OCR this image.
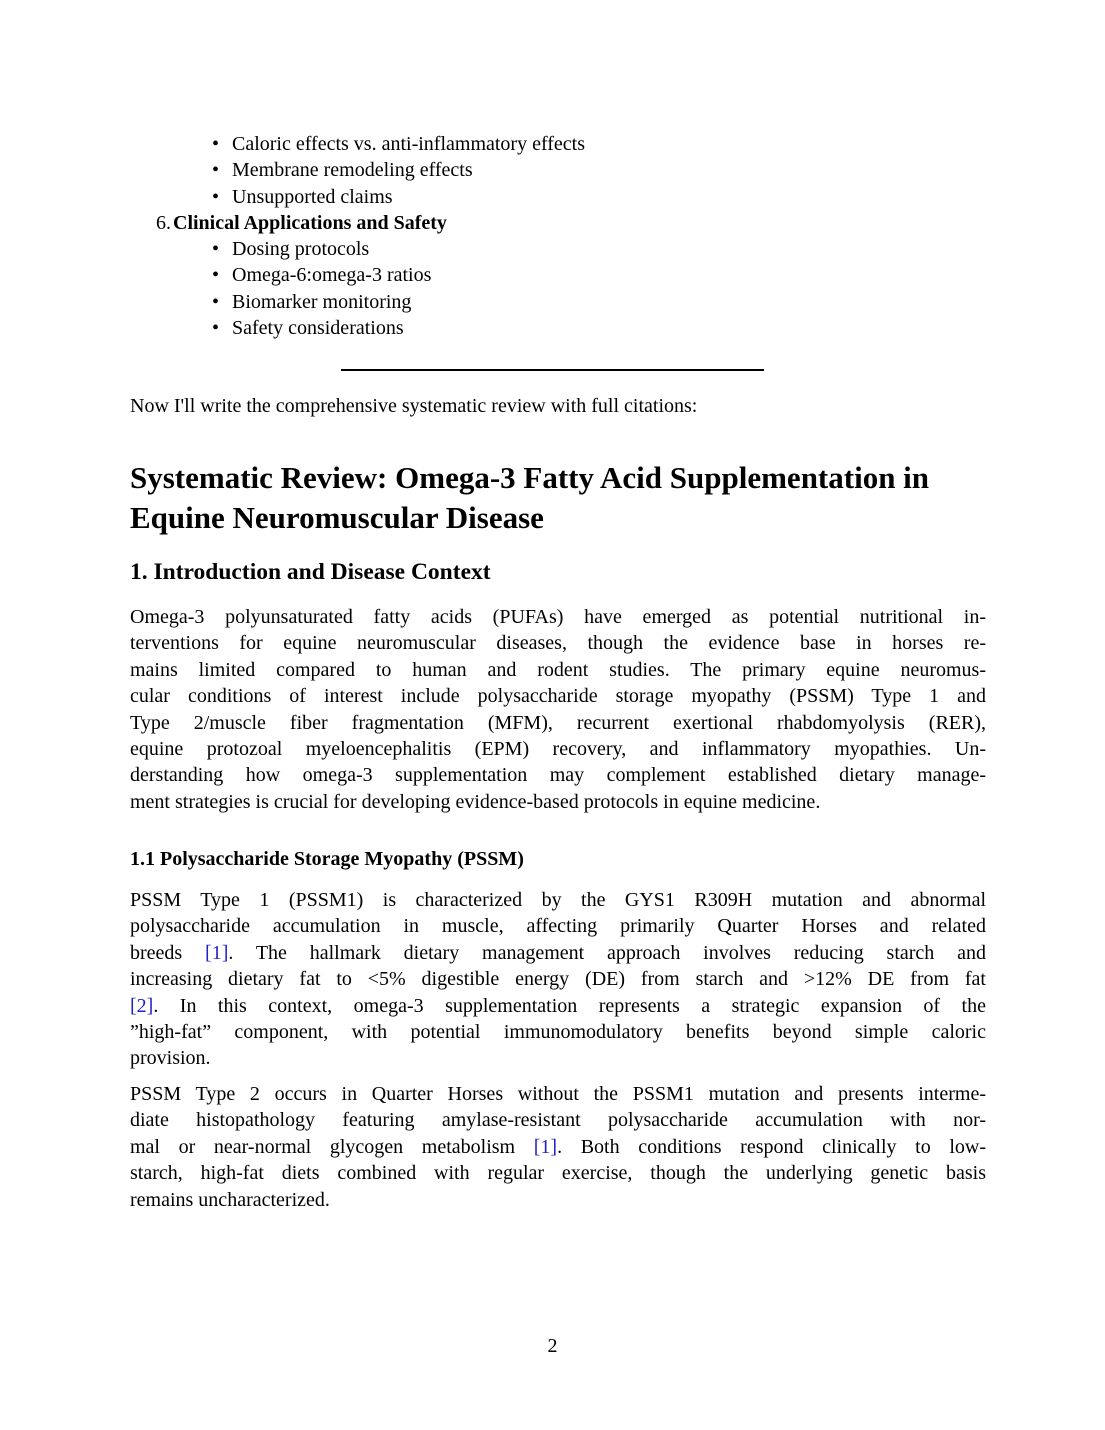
• Caloric effects vs. anti-inflammatory effects
• Membrane remodeling effects
• Unsupported claims
6. Clinical Applications and Safety
• Dosing protocols
• Omega-6:omega-3 ratios
• Biomarker monitoring
• Safety considerations

Now I'll write the comprehensive systematic review with full citations:

Systematic Review: Omega-3 Fatty Acid Supplementation in Equine Neuromuscular Disease
1. Introduction and Disease Context
Omega-3 polyunsaturated fatty acids (PUFAs) have emerged as potential nutritional in-
terventions for equine neuromuscular diseases, though the evidence base in horses re-
mains limited compared to human and rodent studies. The primary equine neuromus-
cular conditions of interest include polysaccharide storage myopathy (PSSM) Type 1 and
Type 2/muscle fiber fragmentation (MFM), recurrent exertional rhabdomyolysis (RER),
equine protozoal myeloencephalitis (EPM) recovery, and inflammatory myopathies. Un-
derstanding how omega-3 supplementation may complement established dietary manage-
ment strategies is crucial for developing evidence-based protocols in equine medicine.
1.1 Polysaccharide Storage Myopathy (PSSM)
PSSM Type 1 (PSSM1) is characterized by the GYS1 R309H mutation and abnormal
polysaccharide accumulation in muscle, affecting primarily Quarter Horses and related
breeds [1]. The hallmark dietary management approach involves reducing starch and
increasing dietary fat to <5% digestible energy (DE) from starch and >12% DE from fat
[2]. In this context, omega-3 supplementation represents a strategic expansion of the
”high-fat” component, with potential immunomodulatory benefits beyond simple caloric
provision.
PSSM Type 2 occurs in Quarter Horses without the PSSM1 mutation and presents interme-
diate histopathology featuring amylase-resistant polysaccharide accumulation with nor-
mal or near-normal glycogen metabolism [1]. Both conditions respond clinically to low-
starch, high-fat diets combined with regular exercise, though the underlying genetic basis
remains uncharacterized.
2
